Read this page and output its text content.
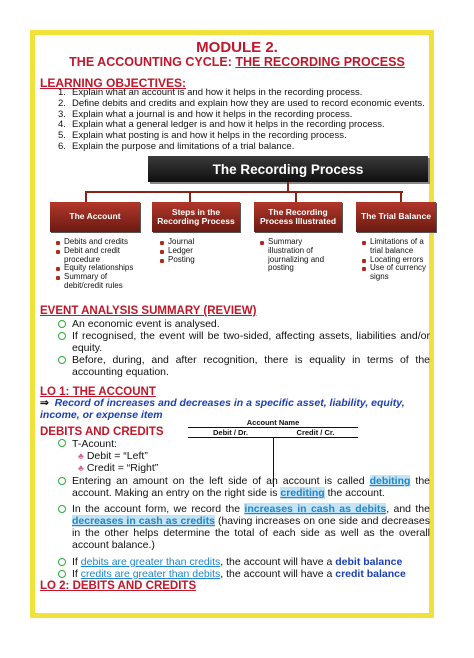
MODULE 2.
THE ACCOUNTING CYCLE: THE RECORDING PROCESS
LEARNING OBJECTIVES:
1. Explain what an account is and how it helps in the recording process.
2. Define debits and credits and explain how they are used to record economic events.
3. Explain what a journal is and how it helps in the recording process.
4. Explain what a general ledger is and how it helps in the recording process.
5. Explain what posting is and how it helps in the recording process.
6. Explain the purpose and limitations of a trial balance.
The Recording Process
The Account	Steps in the Recording Process
The Recording Process Illustrated	The Trial Balance
Debits and credits
Debit and credit procedure
Equity relationships
Summary of debit/credit rules
Journal
Ledger
Posting
Summary illustration of journalizing and posting
Limitations of a trial balance
Locating errors
Use of currency signs
EVENT ANALYSIS SUMMARY (REVIEW)
An economic event is analysed.
If recognised, the event will be two-sided, affecting assets, liabilities and/or equity.
Before, during, and after recognition, there is equality in terms of the accounting equation.
LO 1: THE ACCOUNT
⇒ Record of increases and decreases in a specific asset, liability, equity, income, or expense item
DEBITS AND CREDITS
T-Acount:
♣ Debit = “Left”
♣ Credit = “Right”
Account Name
Debit / Dr.	Credit / Cr.
Entering an amount on the left side of an account is called debiting the account. Making an entry on the right side is crediting the account.
In the account form, we record the increases in cash as debits, and the decreases in cash as credits (having increases on one side and decreases in the other helps determine the total of each side as well as the overall account balance.)
If debits are greater than credits, the account will have a debit balance
If credits are greater than debits, the account will have a credit balance
LO 2: DEBITS AND CREDITS
